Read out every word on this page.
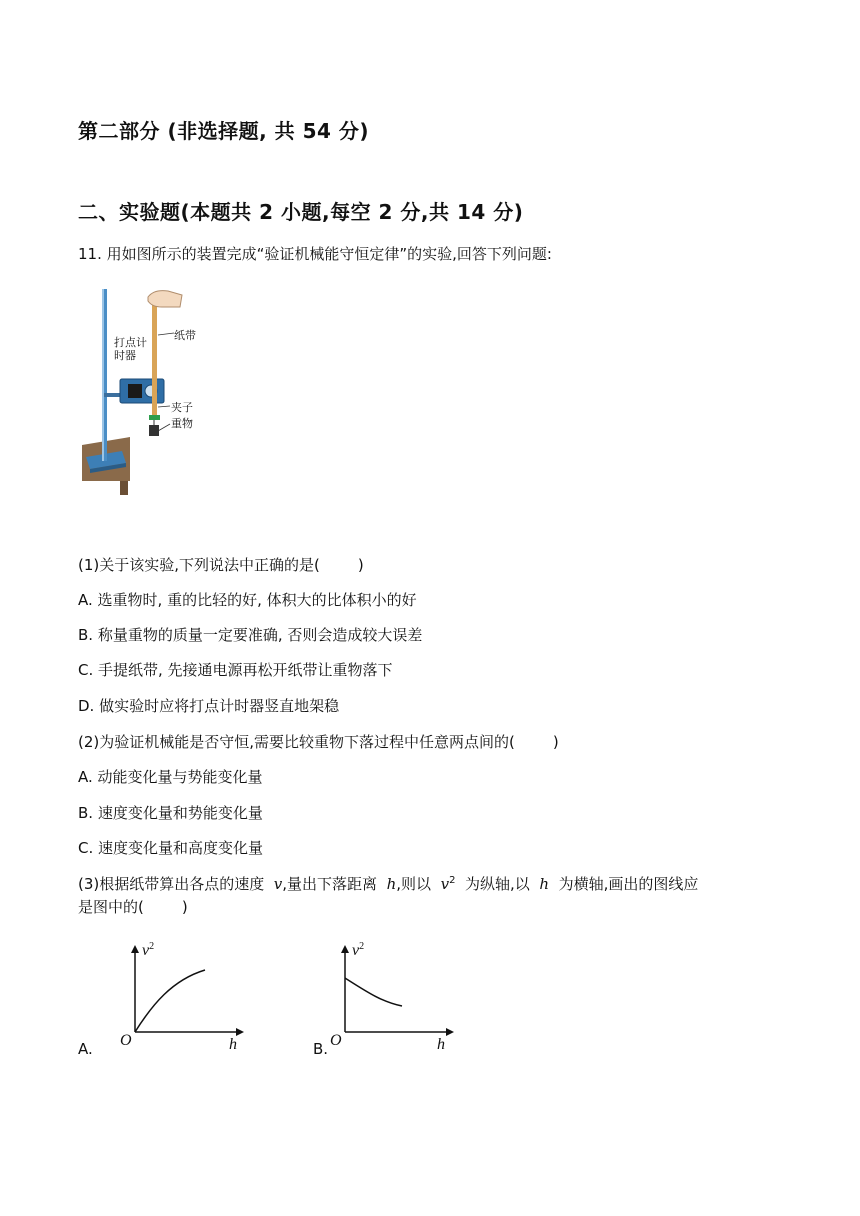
第二部分 (非选择题, 共 54 分)
二、实验题(本题共 2 小题,每空 2 分,共 14 分)
11. 用如图所示的装置完成“验证机械能守恒定律”的实验,回答下列问题:
打点计
时器
纸带
夹子
重物
(1)关于该实验,下列说法中正确的是(	)
A. 选重物时, 重的比轻的好, 体积大的比体积小的好
B. 称量重物的质量一定要准确, 否则会造成较大误差
C. 手提纸带, 先接通电源再松开纸带让重物落下
D. 做实验时应将打点计时器竖直地架稳
(2)为验证机械能是否守恒,需要比较重物下落过程中任意两点间的(	)
A. 动能变化量与势能变化量
B. 速度变化量和势能变化量
C. 速度变化量和高度变化量
(3)根据纸带算出各点的速度 v,量出下落距离 h,则以 $v^2$ 为纵轴,以 h 为横轴,画出的图线应
是图中的(	)
A.
$v^2$
O	h	B.
$v^2$
O	h
